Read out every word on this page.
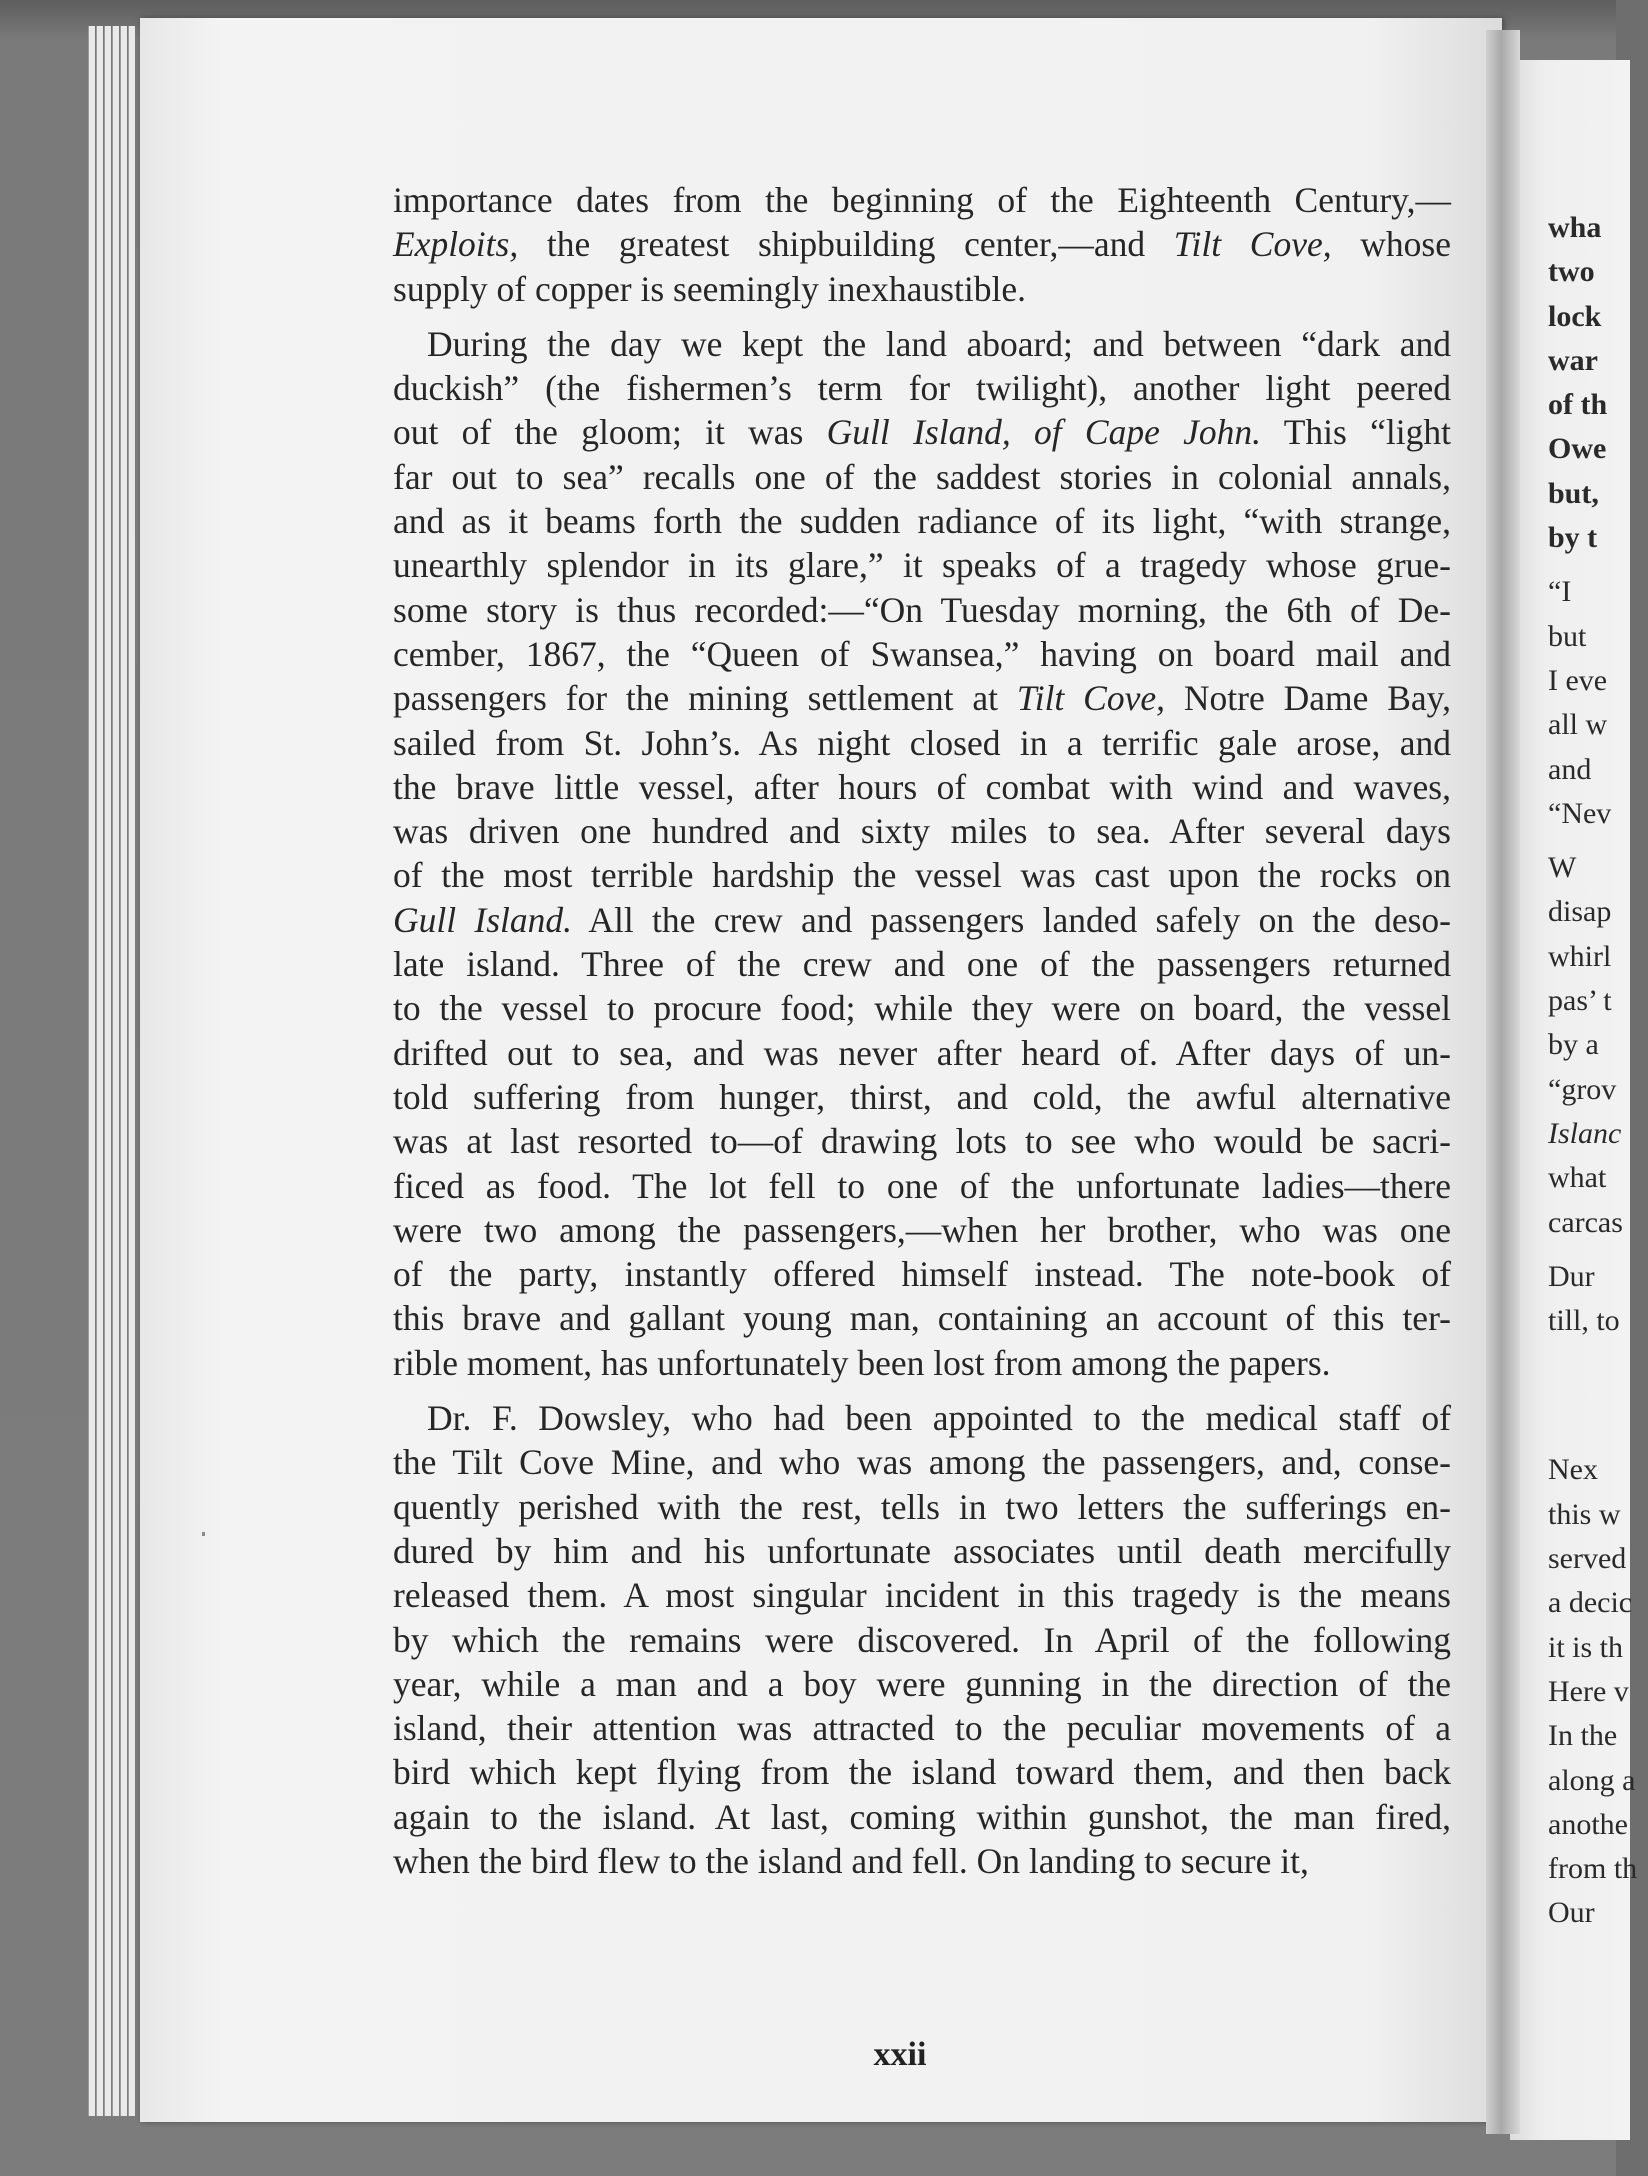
importance dates from the beginning of the Eighteenth Century,—
Exploits, the greatest shipbuilding center,—and Tilt Cove, whose
supply of copper is seemingly inexhaustible.

During the day we kept the land aboard; and between “dark and
duckish” (the fishermen’s term for twilight), another light peered
out of the gloom; it was Gull Island, of Cape John. This “light
far out to sea” recalls one of the saddest stories in colonial annals,
and as it beams forth the sudden radiance of its light, “with strange,
unearthly splendor in its glare,” it speaks of a tragedy whose grue-
some story is thus recorded:—“On Tuesday morning, the 6th of De-
cember, 1867, the “Queen of Swansea,” having on board mail and
passengers for the mining settlement at Tilt Cove, Notre Dame Bay,
sailed from St. John’s. As night closed in a terrific gale arose, and
the brave little vessel, after hours of combat with wind and waves,
was driven one hundred and sixty miles to sea. After several days
of the most terrible hardship the vessel was cast upon the rocks on
Gull Island. All the crew and passengers landed safely on the deso-
late island. Three of the crew and one of the passengers returned
to the vessel to procure food; while they were on board, the vessel
drifted out to sea, and was never after heard of. After days of un-
told suffering from hunger, thirst, and cold, the awful alternative
was at last resorted to—of drawing lots to see who would be sacri-
ficed as food. The lot fell to one of the unfortunate ladies—there
were two among the passengers,—when her brother, who was one
of the party, instantly offered himself instead. The note-book of
this brave and gallant young man, containing an account of this ter-
rible moment, has unfortunately been lost from among the papers.

Dr. F. Dowsley, who had been appointed to the medical staff of
the Tilt Cove Mine, and who was among the passengers, and, conse-
quently perished with the rest, tells in two letters the sufferings en-
dured by him and his unfortunate associates until death mercifully
released them. A most singular incident in this tragedy is the means
by which the remains were discovered. In April of the following
year, while a man and a boy were gunning in the direction of the
island, their attention was attracted to the peculiar movements of a
bird which kept flying from the island toward them, and then back
again to the island. At last, coming within gunshot, the man fired,
when the bird flew to the island and fell. On landing to secure it,

xxii
wha
two
lock
war
of th
Owe
but,
by t
“I
but
I eve
all w
and
“Nev
W
disap
whirl
pas’ t
by a
“grov
Islanc
what
carcas
Dur
till, to
Nex
this w
served
a decic
it is th
Here v
In the
along a
anothe
from th
Our
